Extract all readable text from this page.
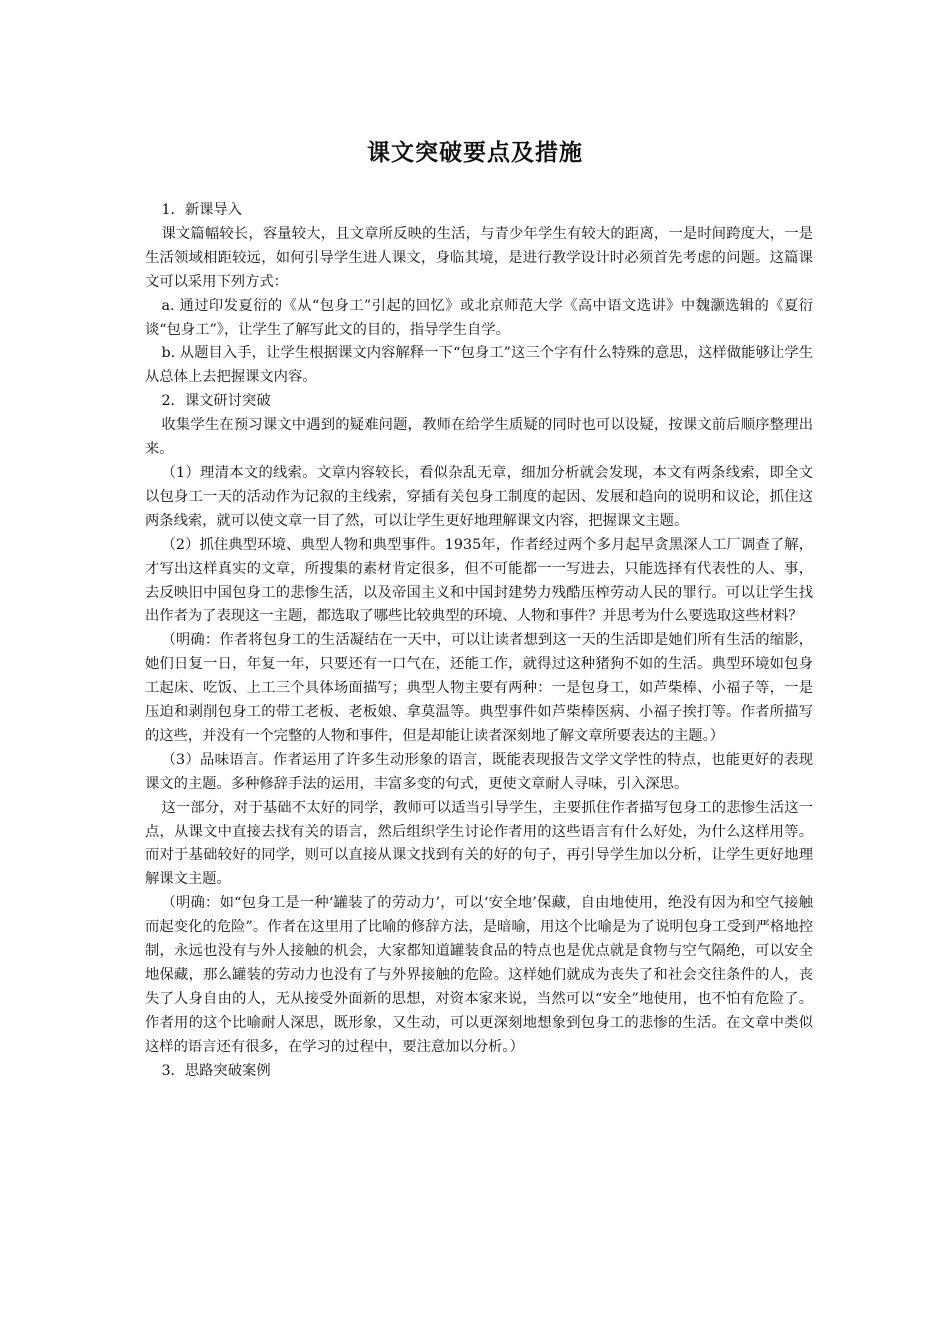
课文突破要点及措施

1．新课导入

课文篇幅较长，容量较大，且文章所反映的生活，与青少年学生有较大的距离，一是时间跨度大，一是生活领域相距较远，如何引导学生进人课文，身临其境，是进行教学设计时必须首先考虑的问题。这篇课文可以采用下列方式：

a. 通过印发夏衍的《从“包身工”引起的回忆》或北京师范大学《高中语文选讲》中魏灏选辑的《夏衍谈“包身工”》，让学生了解写此文的目的，指导学生自学。

b. 从题目入手，让学生根据课文内容解释一下“包身工”这三个字有什么特殊的意思，这样做能够让学生从总体上去把握课文内容。

2．课文研讨突破

收集学生在预习课文中遇到的疑难问题，教师在给学生质疑的同时也可以设疑，按课文前后顺序整理出来。

（1）理清本文的线索。文章内容较长，看似杂乱无章，细加分析就会发现，本文有两条线索，即全文以包身工一天的活动作为记叙的主线索，穿插有关包身工制度的起因、发展和趋向的说明和议论，抓住这两条线索，就可以使文章一目了然，可以让学生更好地理解课文内容，把握课文主题。

（2）抓住典型环境、典型人物和典型事件。1935年，作者经过两个多月起早贪黑深人工厂调查了解，才写出这样真实的文章，所搜集的素材肯定很多，但不可能都一一写进去，只能选择有代表性的人、事，去反映旧中国包身工的悲惨生活，以及帝国主义和中国封建势力残酷压榨劳动人民的罪行。可以让学生找出作者为了表现这一主题，都选取了哪些比较典型的环境、人物和事件？并思考为什么要选取这些材料？

（明确：作者将包身工的生活凝结在一天中，可以让读者想到这一天的生活即是她们所有生活的缩影，她们日复一日，年复一年，只要还有一口气在，还能工作，就得过这种猪狗不如的生活。典型环境如包身工起床、吃饭、上工三个具体场面描写；典型人物主要有两种：一是包身工，如芦柴棒、小福子等，一是压迫和剥削包身工的带工老板、老板娘、拿莫温等。典型事件如芦柴棒医病、小福子挨打等。作者所描写的这些，并没有一个完整的人物和事件，但是却能让读者深刻地了解文章所要表达的主题。）

（3）品味语言。作者运用了许多生动形象的语言，既能表现报告文学文学性的特点，也能更好的表现课文的主题。多种修辞手法的运用，丰富多变的句式，更使文章耐人寻味，引入深思。

这一部分，对于基础不太好的同学，教师可以适当引导学生，主要抓住作者描写包身工的悲惨生活这一点，从课文中直接去找有关的语言，然后组织学生讨论作者用的这些语言有什么好处，为什么这样用等。而对于基础较好的同学，则可以直接从课文找到有关的好的句子，再引导学生加以分析，让学生更好地理解课文主题。

（明确：如“包身工是一种‘罐装了的劳动力’，可以‘安全地’保藏，自由地使用，绝没有因为和空气接触而起变化的危险”。作者在这里用了比喻的修辞方法，是暗喻，用这个比喻是为了说明包身工受到严格地控制，永远也没有与外人接触的机会，大家都知道罐装食品的特点也是优点就是食物与空气隔绝，可以安全地保藏，那么罐装的劳动力也没有了与外界接触的危险。这样她们就成为丧失了和社会交往条件的人，丧失了人身自由的人，无从接受外面新的思想，对资本家来说，当然可以“安全”地使用，也不怕有危险了。作者用的这个比喻耐人深思，既形象，又生动，可以更深刻地想象到包身工的悲惨的生活。在文章中类似这样的语言还有很多，在学习的过程中，要注意加以分析。）

3．思路突破案例
